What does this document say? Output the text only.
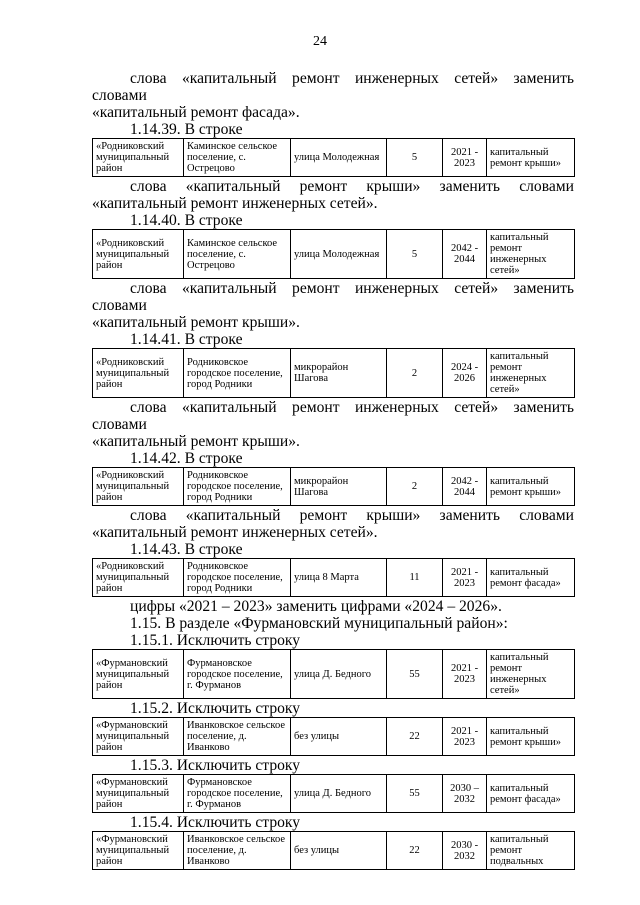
24

слова «капитальный ремонт инженерных сетей» заменить словами

«капитальный ремонт фасада».

1.14.39. В строке

«Родниковский муниципальный район	Каминское сельское поселение, с. Острецово	улица Молодежная	5	2021 - 2023	капитальный ремонт крыши»

слова «капитальный ремонт крыши» заменить словами

«капитальный ремонт инженерных сетей».

1.14.40. В строке

«Родниковский муниципальный район	Каминское сельское поселение, с. Острецово	улица Молодежная	5	2042 - 2044	капитальный ремонт инженерных сетей»

слова «капитальный ремонт инженерных сетей» заменить словами

«капитальный ремонт крыши».

1.14.41. В строке

«Родниковский муниципальный район	Родниковское городское поселение, город Родники	микрорайон Шагова	2	2024 - 2026	капитальный ремонт инженерных сетей»

слова «капитальный ремонт инженерных сетей» заменить словами

«капитальный ремонт крыши».

1.14.42. В строке

«Родниковский муниципальный район	Родниковское городское поселение, город Родники	микрорайон Шагова	2	2042 - 2044	капитальный ремонт крыши»

слова «капитальный ремонт крыши» заменить словами

«капитальный ремонт инженерных сетей».

1.14.43. В строке

«Родниковский муниципальный район	Родниковское городское поселение, город Родники	улица 8 Марта	11	2021 - 2023	капитальный ремонт фасада»

цифры «2021 – 2023» заменить цифрами «2024 – 2026».

1.15. В разделе «Фурмановский муниципальный район»:

1.15.1. Исключить строку

«Фурмановский муниципальный район	Фурмановское городское поселение, г. Фурманов	улица Д. Бедного	55	2021 - 2023	капитальный ремонт инженерных сетей»

1.15.2. Исключить строку

«Фурмановский муниципальный район	Иванковское сельское поселение, д. Иванково	без улицы	22	2021 - 2023	капитальный ремонт крыши»

1.15.3. Исключить строку

«Фурмановский муниципальный район	Фурмановское городское поселение, г. Фурманов	улица Д. Бедного	55	2030 – 2032	капитальный ремонт фасада»

1.15.4. Исключить строку

«Фурмановский муниципальный район	Иванковское сельское поселение, д. Иванково	без улицы	22	2030 - 2032	капитальный ремонт подвальных
